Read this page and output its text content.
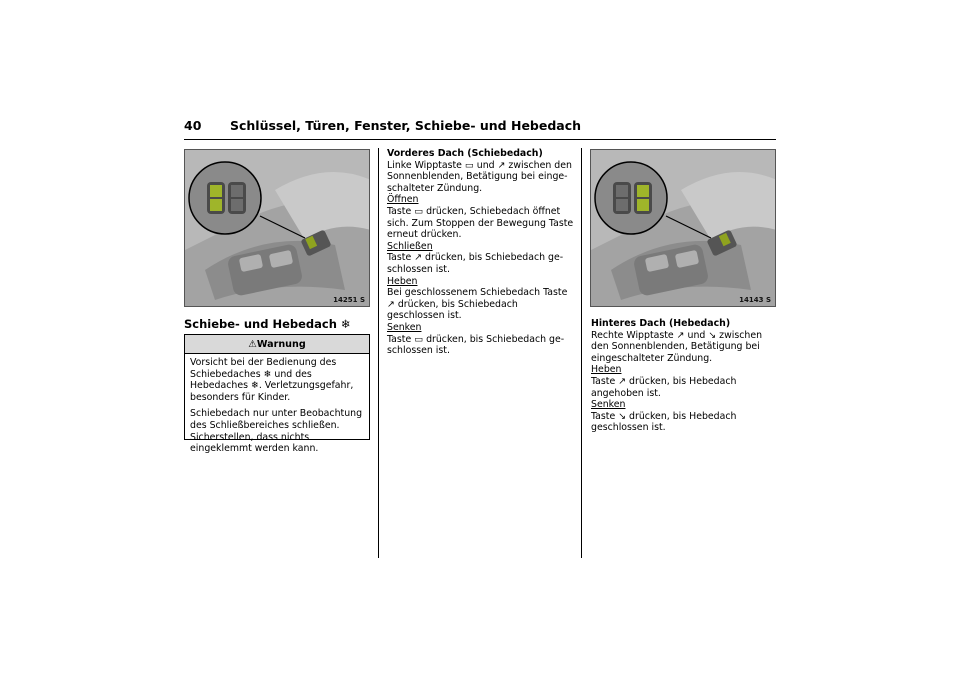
40 Schlüssel, Türen, Fenster, Schiebe- und Hebedach
14251 S	14143 S
Schiebe- und Hebedach ❄
⚠Warnung

Vorsicht bei der Bedienung des Schiebedaches ❄ und des Hebedaches ❄. Verletzungsgefahr, besonders für Kinder.

Schiebedach nur unter Beobachtung des Schließbereiches schließen. Sicherstellen, dass nichts eingeklemmt werden kann.

Vorderes Dach (Schiebedach)

Linke Wipptaste ▭ und ↗ zwischen den Sonnenblenden, Betätigung bei eingeschalteter Zündung.

Öffnen

Taste ▭ drücken, Schiebedach öffnet sich. Zum Stoppen der Bewegung Taste erneut drücken.

Schließen

Taste ↗ drücken, bis Schiebedach geschlossen ist.

Heben

Bei geschlossenem Schiebedach Taste ↗ drücken, bis Schiebedach geschlossen ist.

Senken

Taste ▭ drücken, bis Schiebedach geschlossen ist.

Hinteres Dach (Hebedach)

Rechte Wipptaste ↗ und ↘ zwischen den Sonnenblenden, Betätigung bei eingeschalteter Zündung.

Heben

Taste ↗ drücken, bis Hebedach angehoben ist.

Senken

Taste ↘ drücken, bis Hebedach geschlossen ist.
